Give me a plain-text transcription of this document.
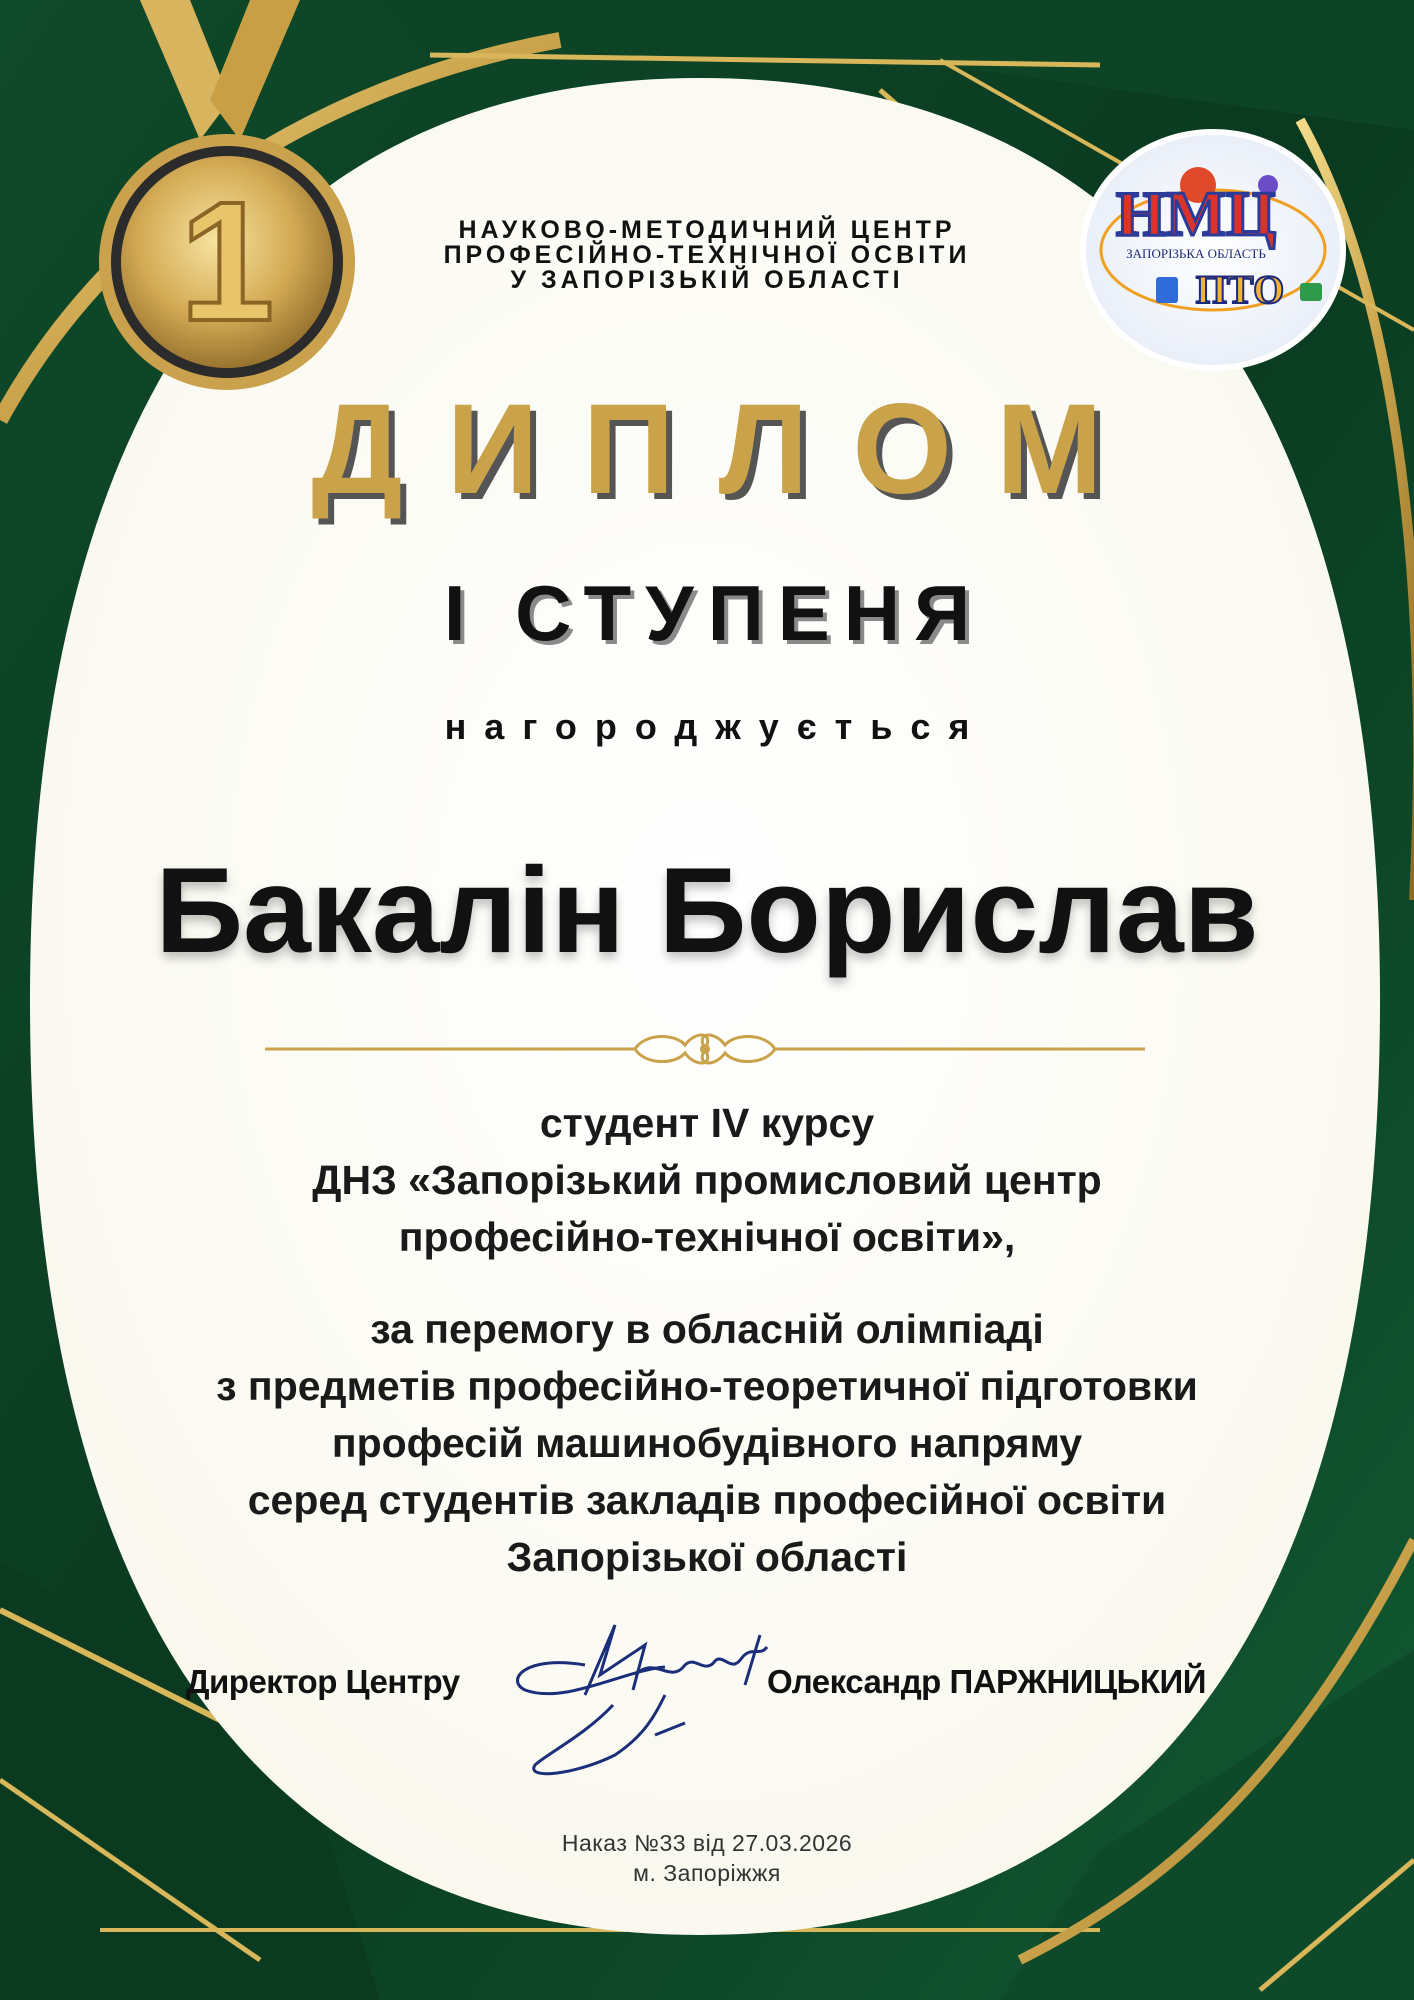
1	НМЦ
ЗАПОРІЗЬКА ОБЛАСТЬ
ПТО
НАУКОВО-МЕТОДИЧНИЙ ЦЕНТР
ПРОФЕСІЙНО-ТЕХНІЧНОЇ ОСВІТИ
У ЗАПОРІЗЬКІЙ ОБЛАСТІ
ДИПЛОМ
І СТУПЕНЯ
нагороджується
Бакалін Борислав
студент ІV курсу
ДНЗ «Запорізький промисловий центр
професійно-технічної освіти»,
за перемогу в обласній олімпіаді
з предметів професійно-теоретичної підготовки
професій машинобудівного напряму
серед студентів закладів професійної освіти
Запорізької області
Директор Центру	Олександр ПАРЖНИЦЬКИЙ
Наказ №33 від 27.03.2026
м. Запоріжжя
